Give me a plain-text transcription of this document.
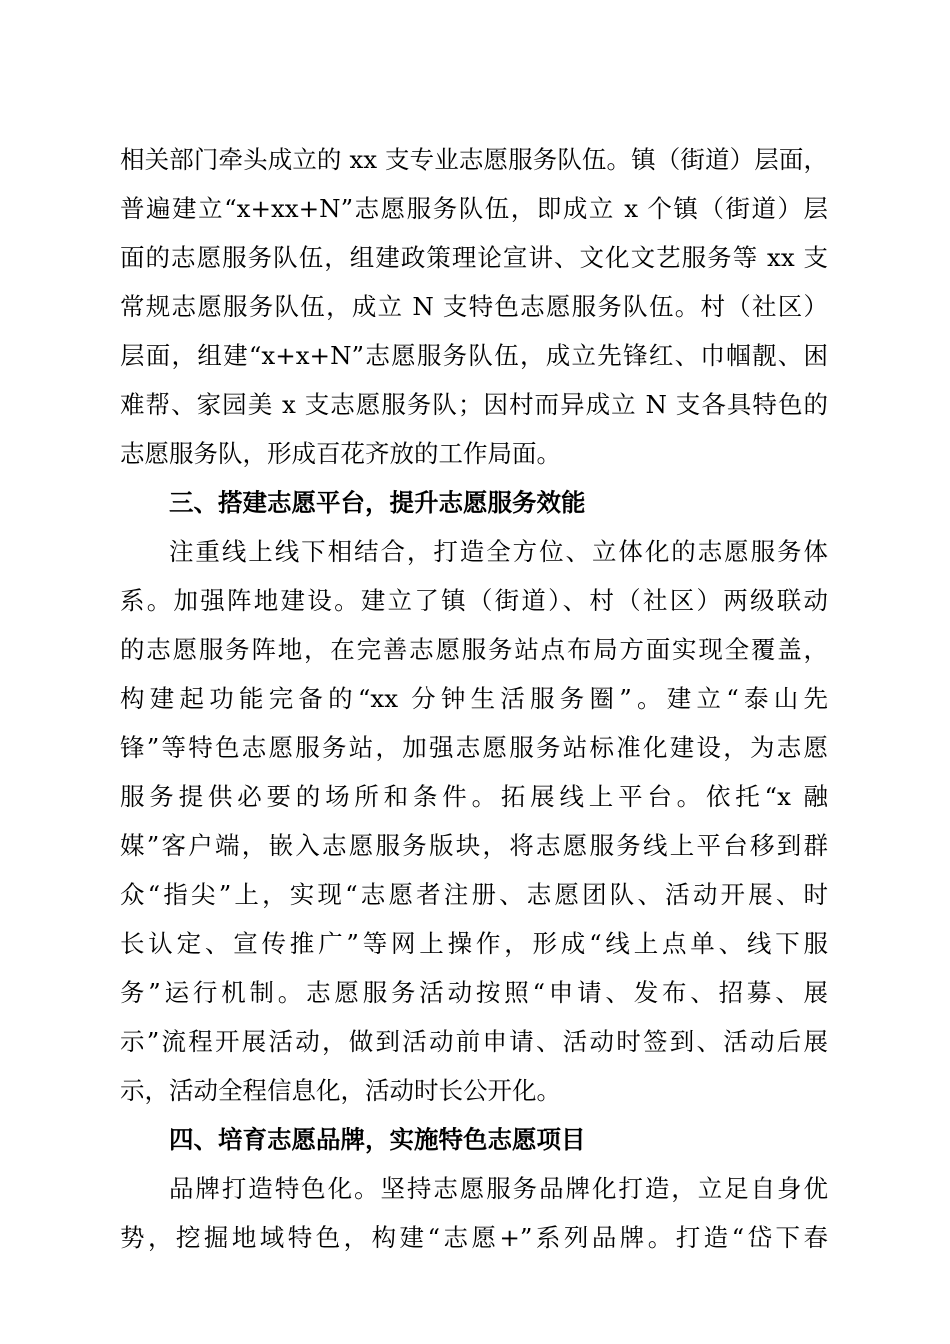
相关部门牵头成立的 xx 支专业志愿服务队伍。镇（街道）层面，
普遍建立“x+xx+N”志愿服务队伍，即成立 x 个镇（街道）层
面的志愿服务队伍，组建政策理论宣讲、文化文艺服务等 xx 支
常规志愿服务队伍，成立 N 支特色志愿服务队伍。村（社区）
层面，组建“x+x+N”志愿服务队伍，成立先锋红、巾帼靓、困
难帮、家园美 x 支志愿服务队；因村而异成立 N 支各具特色的
志愿服务队，形成百花齐放的工作局面。
三、搭建志愿平台，提升志愿服务效能
注重线上线下相结合，打造全方位、立体化的志愿服务体
系。加强阵地建设。建立了镇（街道）、村（社区）两级联动
的志愿服务阵地，在完善志愿服务站点布局方面实现全覆盖，
构建起功能完备的“xx 分钟生活服务圈”。建立“泰山先
锋”等特色志愿服务站，加强志愿服务站标准化建设，为志愿
服务提供必要的场所和条件。拓展线上平台。依托“x 融
媒”客户端，嵌入志愿服务版块，将志愿服务线上平台移到群
众“指尖”上，实现“志愿者注册、志愿团队、活动开展、时
长认定、宣传推广”等网上操作，形成“线上点单、线下服
务”运行机制。志愿服务活动按照“申请、发布、招募、展
示”流程开展活动，做到活动前申请、活动时签到、活动后展
示，活动全程信息化，活动时长公开化。
四、培育志愿品牌，实施特色志愿项目
品牌打造特色化。坚持志愿服务品牌化打造，立足自身优
势，挖掘地域特色，构建“志愿+”系列品牌。打造“岱下春
